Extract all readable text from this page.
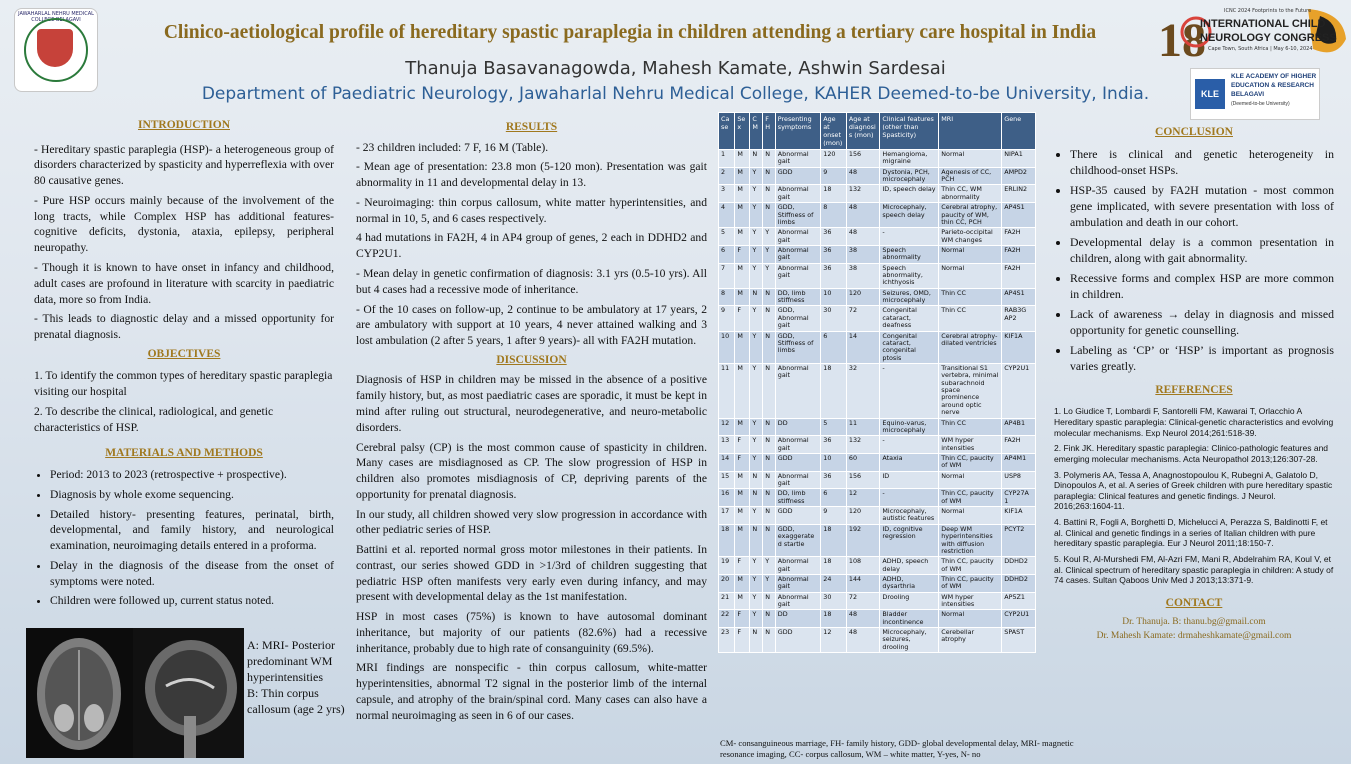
JAWAHARLAL NEHRU MEDICAL COLLEGE BELAGAVI
Clinico-aetiological profile of hereditary spastic paraplegia in children attending a tertiary care hospital in India
Thanuja Basavanagowda, Mahesh Kamate, Ashwin Sardesai
Department of Paediatric Neurology, Jawaharlal Nehru Medical College, KAHER Deemed-to-be University, India.
18
ICNC 2024 Footprints to the Future
INTERNATIONAL CHILD
NEUROLOGY CONGRESS
Cape Town, South Africa | May 6-10, 2024
KLE
KLE ACADEMY OF HIGHER
EDUCATION & RESEARCH
BELAGAVI
(Deemed-to-be University)
INTRODUCTION

- Hereditary spastic paraplegia (HSP)- a heterogeneous group of disorders characterized by spasticity and hyperreflexia with over 80 causative genes.

- Pure HSP occurs mainly because of the involvement of the long tracts, while Complex HSP has additional features- cognitive deficits, dystonia, ataxia, epilepsy, peripheral neuropathy.

- Though it is known to have onset in infancy and childhood, adult cases are profound in literature with scarcity in paediatric data, more so from India.

- This leads to diagnostic delay and a missed opportunity for prenatal diagnosis.

OBJECTIVES

1. To identify the common types of hereditary spastic paraplegia visiting our hospital

2. To describe the clinical, radiological, and genetic characteristics of HSP.

MATERIALS AND METHODS
• Period: 2013 to 2023 (retrospective + prospective).
• Diagnosis by whole exome sequencing.
• Detailed history- presenting features, perinatal, birth, developmental, and family history, and neurological examination, neuroimaging details entered in a proforma.
• Delay in the diagnosis of the disease from the onset of symptoms were noted.
• Children were followed up, current status noted.
A: MRI- Posterior predominant WM hyperintensities
B: Thin corpus callosum (age 2 yrs)
RESULTS

- 23 children included: 7 F, 16 M (Table).

- Mean age of presentation: 23.8 mon (5-120 mon). Presentation was gait abnormality in 11 and developmental delay in 13.

- Neuroimaging: thin corpus callosum, white matter hyperintensities, and normal in 10, 5, and 6 cases respectively.

4 had mutations in FA2H, 4 in AP4 group of genes, 2 each in DDHD2 and CYP2U1.

- Mean delay in genetic confirmation of diagnosis: 3.1 yrs (0.5-10 yrs). All but 4 cases had a recessive mode of inheritance.

- Of the 10 cases on follow-up, 2 continue to be ambulatory at 17 years, 2 are ambulatory with support at 10 years, 4 never attained walking and 3 lost ambulation (2 after 5 years, 1 after 9 years)- all with FA2H mutation.

DISCUSSION

Diagnosis of HSP in children may be missed in the absence of a positive family history, but, as most paediatric cases are sporadic, it must be kept in mind after ruling out structural, neurodegenerative, and neuro-metabolic disorders.

Cerebral palsy (CP) is the most common cause of spasticity in children. Many cases are misdiagnosed as CP. The slow progression of HSP in children also promotes misdiagnosis of CP, depriving parents of the opportunity for prenatal diagnosis.

In our study, all children showed very slow progression in accordance with other pediatric series of HSP.

Battini et al. reported normal gross motor milestones in their patients. In contrast, our series showed GDD in >1/3rd of children suggesting that pediatric HSP often manifests very early even during infancy, and may present with developmental delay as the 1st manifestation.

HSP in most cases (75%) is known to have autosomal dominant inheritance, but majority of our patients (82.6%) had a recessive inheritance, probably due to high rate of consanguinity (69.5%).

MRI findings are nonspecific - thin corpus callosum, white-matter hyperintensities, abnormal T2 signal in the posterior limb of the internal capsule, and atrophy of the brain/spinal cord. Many cases can also have a normal neuroimaging as seen in 6 of our cases.

Ca se	Se x	C M	F H	Presenting symptoms	Age at onset (mon)	Age at diagnosi s (mon)	Clinical features (other than Spasticity)	MRI	Gene
1	M	N	N	Abnormal gait	120	156	Hemangioma, migraine	Normal	NIPA1
2	M	Y	N	GDD	9	48	Dystonia, PCH, microcephaly	Agenesis of CC, PCH	AMPD2
3	M	Y	N	Abnormal gait	18	132	ID, speech delay	Thin CC, WM abnormality	ERLIN2
4	M	Y	N	GDD, Stiffness of limbs	8	48	Microcephaly, speech delay	Cerebral atrophy, paucity of WM, thin CC, PCH	AP4S1
5	M	Y	Y	Abnormal gait	36	48	-	Parieto-occipital WM changes	FA2H
6	F	Y	Y	Abnormal gait	36	38	Speech abnormality	Normal	FA2H
7	M	Y	Y	Abnormal gait	36	38	Speech abnormality, ichthyosis	Normal	FA2H
8	M	N	N	DD, limb stiffness	10	120	Seizures, OMD, microcephaly	Thin CC	AP4S1
9	F	Y	N	GDD, Abnormal gait	30	72	Congenital cataract, deafness	Thin CC	RAB3G AP2
10	M	Y	N	GDD, Stiffness of limbs	6	14	Congenital cataract, congenital ptosis	Cerebral atrophy- dilated ventricles	KIF1A
11	M	Y	N	Abnormal gait	18	32	-	Transitional S1 vertebra, minimal subarachnoid space prominence around optic nerve	CYP2U1
12	M	Y	N	DD	5	11	Equino-varus, microcephaly	Thin CC	AP4B1
13	F	Y	N	Abnormal gait	36	132	-	WM hyper intensities	FA2H
14	F	Y	N	GDD	10	60	Ataxia	Thin CC, paucity of WM	AP4M1
15	M	N	N	Abnormal gait	36	156	ID	Normal	USP8
16	M	N	N	DD, limb stiffness	6	12	-	Thin CC, paucity of WM	CYP27A 1
17	M	Y	N	GDD	9	120	Microcephaly, autistic features	Normal	KIF1A
18	M	N	N	GDD, exaggerate d startle	18	192	ID, cognitive regression	Deep WM hyperintensities with diffusion restriction	PCYT2
19	F	Y	Y	Abnormal gait	18	108	ADHD, speech delay	Thin CC, paucity of WM	DDHD2
20	M	Y	Y	Abnormal gait	24	144	ADHD, dysarthria	Thin CC, paucity of WM	DDHD2
21	M	Y	N	Abnormal gait	30	72	Drooling	WM hyper intensities	AP5Z1
22	F	Y	N	DD	18	48	Bladder incontinence	Normal	CYP2U1
23	F	N	N	GDD	12	48	Microcephaly, seizures, drooling	Cerebellar atrophy	SPAST
CM- consanguineous marriage, FH- family history, GDD- global developmental delay, MRI- magnetic resonance imaging, CC- corpus callosum, WM – white matter, Y-yes, N- no
CONCLUSION
• There is clinical and genetic heterogeneity in childhood-onset HSPs.
• HSP-35 caused by FA2H mutation - most common gene implicated, with severe presentation with loss of ambulation and death in our cohort.
• Developmental delay is a common presentation in children, along with gait abnormality.
• Recessive forms and complex HSP are more common in children.
• Lack of awareness → delay in diagnosis and missed opportunity for genetic counselling.
• Labeling as ‘CP’ or ‘HSP’ is important as prognosis varies greatly.
REFERENCES

1. Lo Giudice T, Lombardi F, Santorelli FM, Kawarai T, Orlacchio A Hereditary spastic paraplegia: Clinical-genetic characteristics and evolving molecular mechanisms. Exp Neurol 2014;261:518-39.

2. Fink JK. Hereditary spastic paraplegia: Clinico-pathologic features and emerging molecular mechanisms. Acta Neuropathol 2013;126:307-28.

3. Polymeris AA, Tessa A, Anagnostopoulou K, Rubegni A, Galatolo D, Dinopoulos A, et al. A series of Greek children with pure hereditary spastic paraplegia: Clinical features and genetic findings. J Neurol. 2016;263:1604-11.

4. Battini R, Fogli A, Borghetti D, Michelucci A, Perazza S, Baldinotti F, et al. Clinical and genetic findings in a series of Italian children with pure hereditary spastic paraplegia. Eur J Neurol 2011;18:150-7.

5. Koul R, Al-Murshedi FM, Al-Azri FM, Mani R, Abdelrahim RA, Koul V, et al. Clinical spectrum of hereditary spastic paraplegia in children: A study of 74 cases. Sultan Qaboos Univ Med J 2013;13:371-9.

CONTACT
Dr. Thanuja. B: thanu.bg@gmail.com
Dr. Mahesh Kamate: drmaheshkamate@gmail.com
